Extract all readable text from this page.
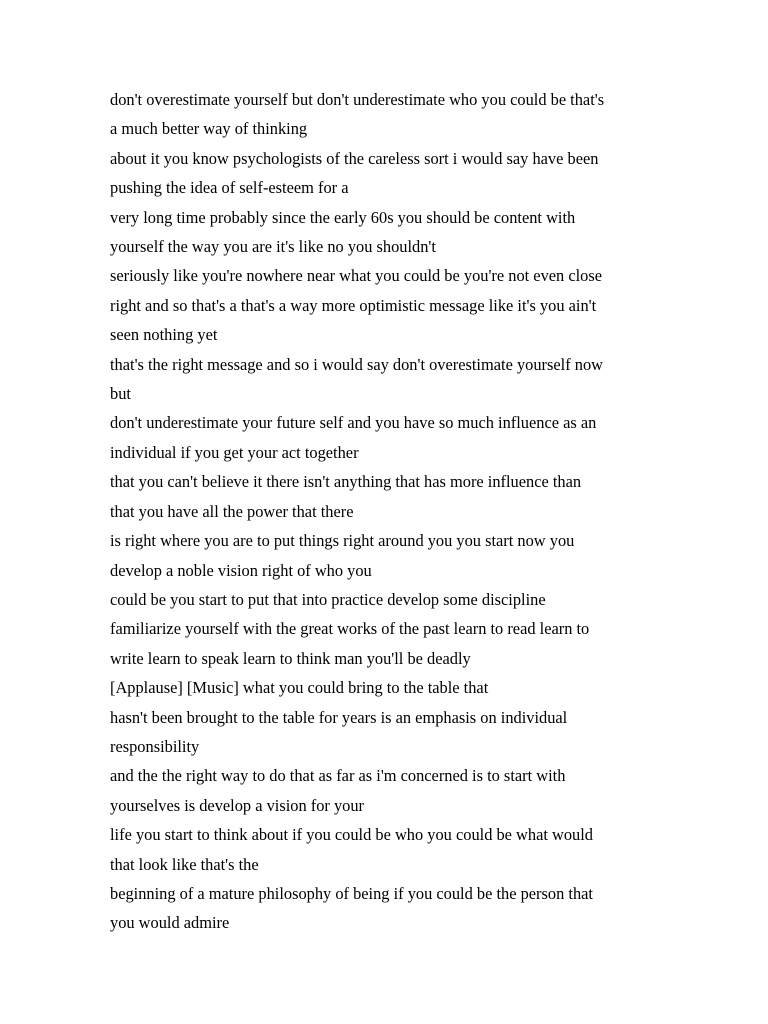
don't overestimate yourself but don't underestimate who you could be that's
a much better way of thinking
about it you know psychologists of the careless sort i would say have been
pushing the idea of self-esteem for a
very long time probably since the early 60s you should be content with
yourself the way you are it's like no you shouldn't
seriously like you're nowhere near what you could be you're not even close
right and so that's a that's a way more optimistic message like it's you ain't
seen nothing yet
that's the right message and so i would say don't overestimate yourself now
but
don't underestimate your future self and you have so much influence as an
individual if you get your act together
that you can't believe it there isn't anything that has more influence than
that you have all the power that there
is right where you are to put things right around you you start now you
develop a noble vision right of who you
could be you start to put that into practice develop some discipline
familiarize yourself with the great works of the past learn to read learn to
write learn to speak learn to think man you'll be deadly
[Applause] [Music] what you could bring to the table that
hasn't been brought to the table for years is an emphasis on individual
responsibility
and the the right way to do that as far as i'm concerned is to start with
yourselves is develop a vision for your
life you start to think about if you could be who you could be what would
that look like that's the
beginning of a mature philosophy of being if you could be the person that
you would admire
